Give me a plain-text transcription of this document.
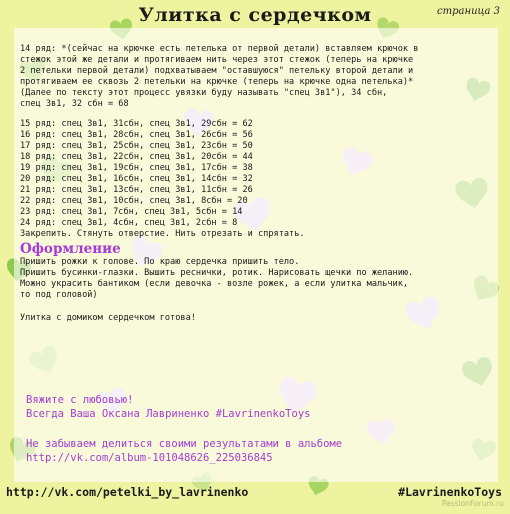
Улитка с сердечком	страница 3

14 ряд: *(сейчас на крючке есть петелька от первой детали) вставляем крючок в
стежок этой же детали и протягиваем нить через этот стежок (теперь на крючке
2 петельки первой детали) подхватываем "оставшуюся" петельку второй детали и
протягиваем ее сквозь 2 петельки на крючке (теперь на крючке одна петелька)*
(Далее по тексту этот процесс увязки буду называть "спец 3в1"), 34 сбн,
спец 3в1, 32 сбн = 68

15 ряд: спец 3в1, 31сбн, спец 3в1, 29сбн = 62
16 ряд: спец 3в1, 28сбн, спец 3в1, 26сбн = 56
17 ряд: спец 3в1, 25сбн, спец 3в1, 23сбн = 50
18 ряд: спец 3в1, 22сбн, спец 3в1, 20сбн = 44
19 ряд: спец 3в1, 19сбн, спец 3в1, 17сбн = 38
20 ряд: спец 3в1, 16сбн, спец 3в1, 14сбн = 32
21 ряд: спец 3в1, 13сбн, спец 3в1, 11сбн = 26
22 ряд: спец 3в1, 10сбн, спец 3в1, 8сбн = 20
23 ряд: спец 3в1, 7сбн, спец 3в1, 5сбн = 14
24 ряд: спец 3в1, 4сбн, спец 3в1, 2сбн = 8

Закрепить. Стянуть отверстие. Нить отрезать и спрятать.

Оформление

Пришить рожки к голове. По краю сердечка пришить тело.
Пришить бусинки-глазки. Вышить реснички, ротик. Нарисовать щечки по желанию.
Можно украсить бантиком (если девочка - возле рожек, а если улитка мальчик,
то под головой)

Улитка с домиком сердечком готова!

Вяжите с любовью!
Всегда Ваша Оксана Лавриненко #LavrinenkoToys
Не забываем делиться своими результатами в альбоме
http://vk.com/album-101048626_225036845
http://vk.com/petelki_by_lavrinenko	#LavrinenkoToys
PassionForum.ru
